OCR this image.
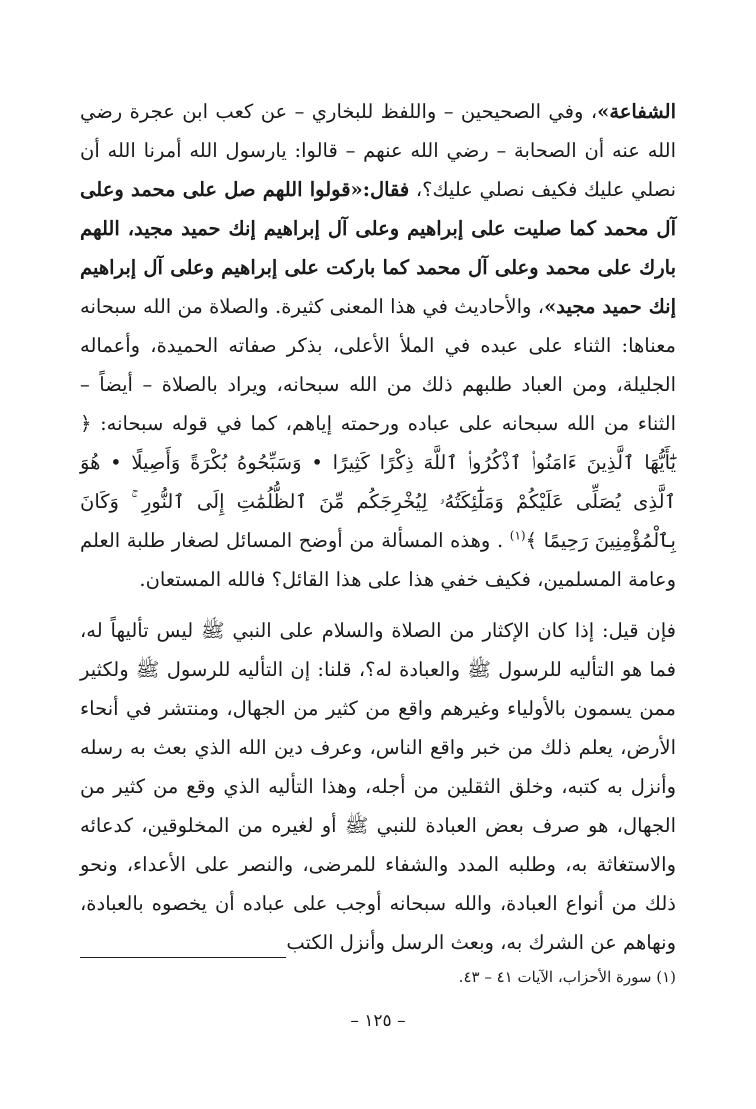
الشفاعة»، وفي الصحيحين – واللفظ للبخاري – عن كعب ابن عجرة رضي الله عنه أن الصحابة – رضي الله عنهم – قالوا: يارسول الله أمرنا الله أن نصلي عليك فكيف نصلي عليك؟، فقال:«قولوا اللهم صل على محمد وعلى آل محمد كما صليت على إبراهيم وعلى آل إبراهيم إنك حميد مجيد، اللهم بارك على محمد وعلى آل محمد كما باركت على إبراهيم وعلى آل إبراهيم إنك حميد مجيد»، والأحاديث في هذا المعنى كثيرة. والصلاة من الله سبحانه معناها: الثناء على عبده في الملأ الأعلى، بذكر صفاته الحميدة، وأعماله الجليلة، ومن العباد طلبهم ذلك من الله سبحانه، ويراد بالصلاة – أيضاً – الثناء من الله سبحانه على عباده ورحمته إياهم، كما في قوله سبحانه: ﴿ يَٰٓأَيُّهَا ٱلَّذِينَ ءَامَنُوا۟ ٱذْكُرُوا۟ ٱللَّهَ ذِكْرًا كَثِيرًا • وَسَبِّحُوهُ بُكْرَةً وَأَصِيلًا • هُوَ ٱلَّذِى يُصَلِّى عَلَيْكُمْ وَمَلَٰٓئِكَتُهُۥ لِيُخْرِجَكُم مِّنَ ٱلظُّلُمَٰتِ إِلَى ٱلنُّورِ ۚ وَكَانَ بِٱلْمُؤْمِنِينَ رَحِيمًا ﴾$^{(١)}$ . وهذه المسألة من أوضح المسائل لصغار طلبة العلم وعامة المسلمين، فكيف خفي هذا على هذا القائل؟ فالله المستعان.

فإن قيل: إذا كان الإكثار من الصلاة والسلام على النبي ﷺ ليس تأليهاً له، فما هو التأليه للرسول ﷺ والعبادة له؟، قلنا: إن التأليه للرسول ﷺ ولكثير ممن يسمون بالأولياء وغيرهم واقع من كثير من الجهال، ومنتشر في أنحاء الأرض، يعلم ذلك من خبر واقع الناس، وعرف دين الله الذي بعث به رسله وأنزل به كتبه، وخلق الثقلين من أجله، وهذا التأليه الذي وقع من كثير من الجهال، هو صرف بعض العبادة للنبي ﷺ أو لغيره من المخلوقين، كدعائه والاستغاثة به، وطلبه المدد والشفاء للمرضى، والنصر على الأعداء، ونحو ذلك من أنواع العبادة، والله سبحانه أوجب على عباده أن يخصوه بالعبادة، ونهاهم عن الشرك به، وبعث الرسل وأنزل الكتب

(١) سورة الأحزاب، الآيات ٤١ – ٤٣.
– ١٢٥ –
